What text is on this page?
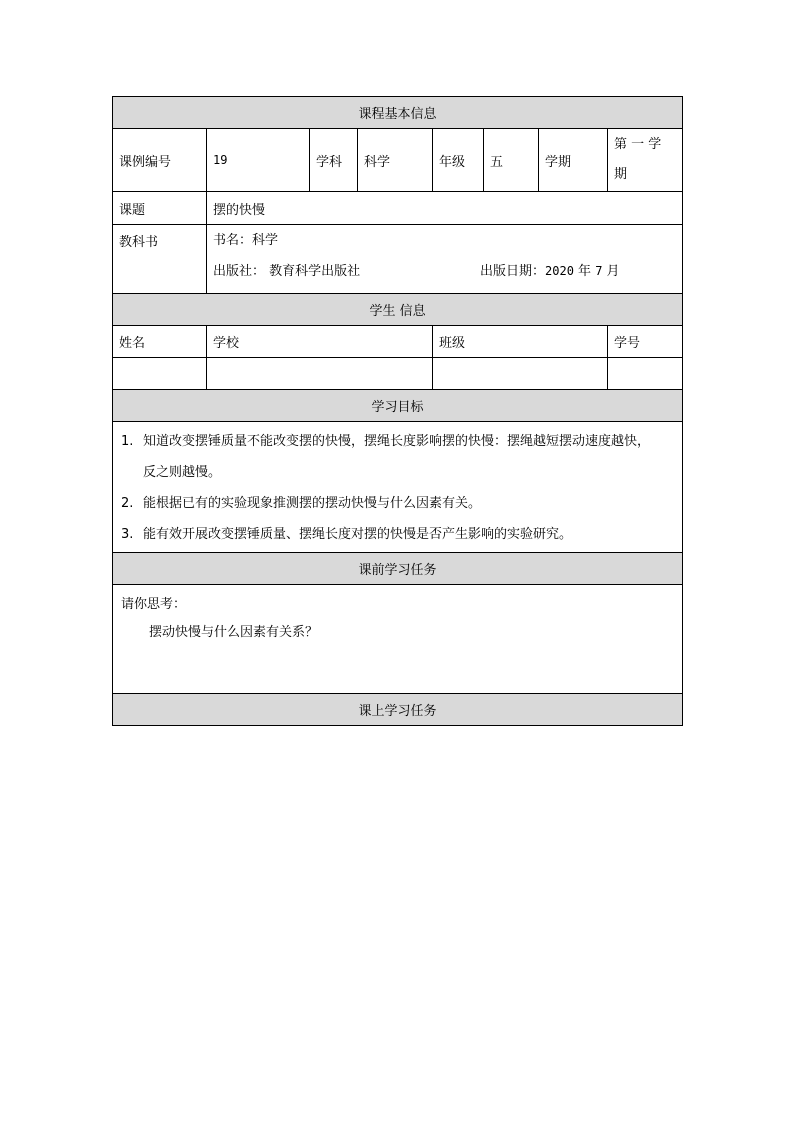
课程基本信息							
课例编号	19	学科	科学	年级	五	学期	第 一 学
期

课题	摆的快慢						
教科书	书名：科学
出版社： 教育科学出版社 出版日期：2020 年 7 月						

学生 信息							
姓名	学校			班级			学号

学习目标							

1. 知道改变摆锤质量不能改变摆的快慢，摆绳长度影响摆的快慢：摆绳越短摆动速度越快，
反之则越慢。
2. 能根据已有的实验现象推测摆的摆动快慢与什么因素有关。
3. 能有效开展改变摆锤质量、摆绳长度对摆的快慢是否产生影响的实验研究。							

课前学习任务							

请你思考：
摆动快慢与什么因素有关系？							

课上学习任务							
